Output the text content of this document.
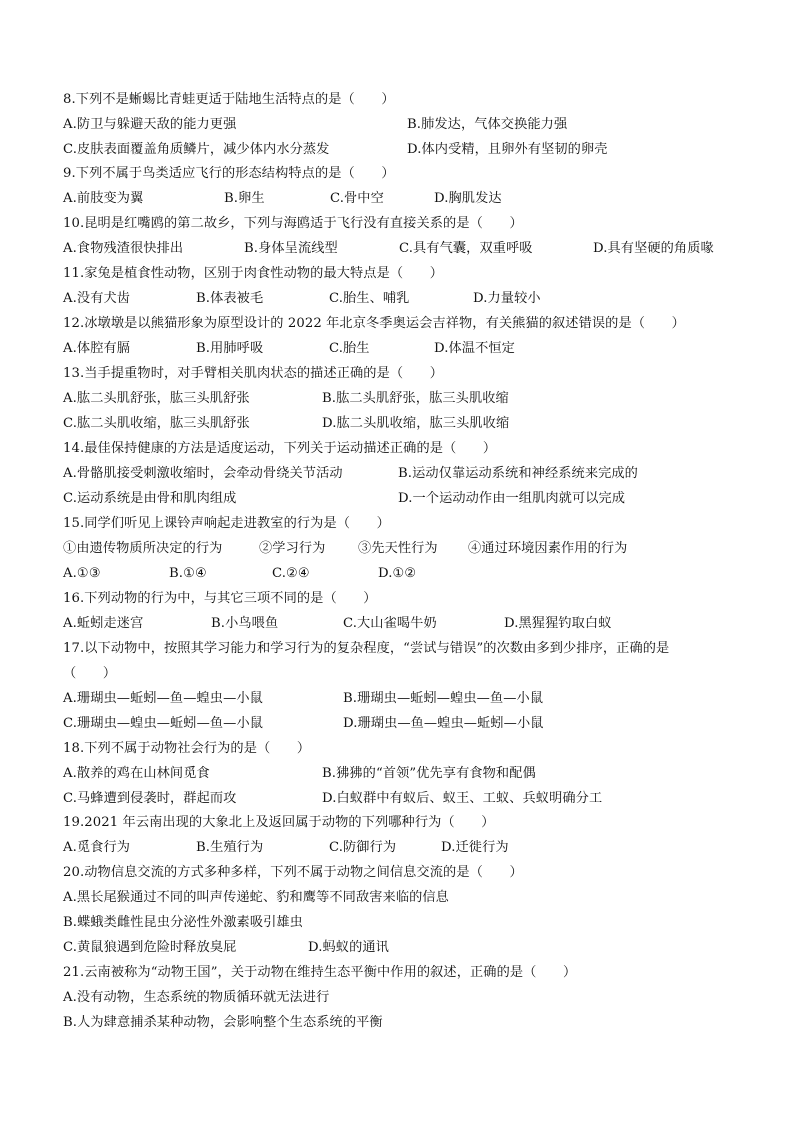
8.下列不是蜥蜴比青蛙更适于陆地生活特点的是（　　）
A.防卫与躲避天敌的能力更强	B.肺发达，气体交换能力强
C.皮肤表面覆盖角质鳞片，减少体内水分蒸发	D.体内受精，且卵外有坚韧的卵壳
9.下列不属于鸟类适应飞行的形态结构特点的是（　　）
A.前肢变为翼	B.卵生	C.骨中空	D.胸肌发达
10.昆明是红嘴鸥的第二故乡，下列与海鸥适于飞行没有直接关系的是（　　）
A.食物残渣很快排出	B.身体呈流线型	C.具有气囊，双重呼吸	D.具有坚硬的角质喙
11.家兔是植食性动物，区别于肉食性动物的最大特点是（　　）
A.没有犬齿	B.体表被毛	C.胎生、哺乳	D.力量较小
12.冰墩墩是以熊猫形象为原型设计的 2022 年北京冬季奥运会吉祥物，有关熊猫的叙述错误的是（　　）
A.体腔有膈	B.用肺呼吸	C.胎生	D.体温不恒定
13.当手提重物时，对手臂相关肌肉状态的描述正确的是（　　）
A.肱二头肌舒张，肱三头肌舒张	B.肱二头肌舒张，肱三头肌收缩
C.肱二头肌收缩，肱三头肌舒张	D.肱二头肌收缩，肱三头肌收缩
14.最佳保持健康的方法是适度运动，下列关于运动描述正确的是（　　）
A.骨骼肌接受刺激收缩时，会牵动骨绕关节活动	B.运动仅靠运动系统和神经系统来完成的
C.运动系统是由骨和肌肉组成	D.一个运动动作由一组肌肉就可以完成
15.同学们听见上课铃声响起走进教室的行为是（　　）
①由遗传物质所决定的行为	②学习行为 ③先天性行为 ④通过环境因素作用的行为
A.①③	B.①④	C.②④	D.①②
16.下列动物的行为中，与其它三项不同的是（　　）
A.蚯蚓走迷宫	B.小鸟喂鱼	C.大山雀喝牛奶	D.黑猩猩钓取白蚁
17.以下动物中，按照其学习能力和学习行为的复杂程度，“尝试与错误”的次数由多到少排序，正确的是
（　　）
A.珊瑚虫—蚯蚓—鱼—蝗虫—小鼠	B.珊瑚虫—蚯蚓—蝗虫—鱼—小鼠
C.珊瑚虫—蝗虫—蚯蚓—鱼—小鼠	D.珊瑚虫—鱼—蝗虫—蚯蚓—小鼠
18.下列不属于动物社会行为的是（　　）
A.散养的鸡在山林间觅食	B.狒狒的“首领”优先享有食物和配偶
C.马蜂遭到侵袭时，群起而攻	D.白蚁群中有蚁后、蚁王、工蚁、兵蚁明确分工
19.2021 年云南出现的大象北上及返回属于动物的下列哪种行为（　　）
A.觅食行为	B.生殖行为	C.防御行为	D.迁徙行为
20.动物信息交流的方式多种多样，下列不属于动物之间信息交流的是（　　）
A.黑长尾猴通过不同的叫声传递蛇、豹和鹰等不同敌害来临的信息
B.蝶蛾类雌性昆虫分泌性外激素吸引雄虫
C.黄鼠狼遇到危险时释放臭屁	D.蚂蚁的通讯
21.云南被称为“动物王国”，关于动物在维持生态平衡中作用的叙述，正确的是（　　）
A.没有动物，生态系统的物质循环就无法进行
B.人为肆意捕杀某种动物，会影响整个生态系统的平衡
